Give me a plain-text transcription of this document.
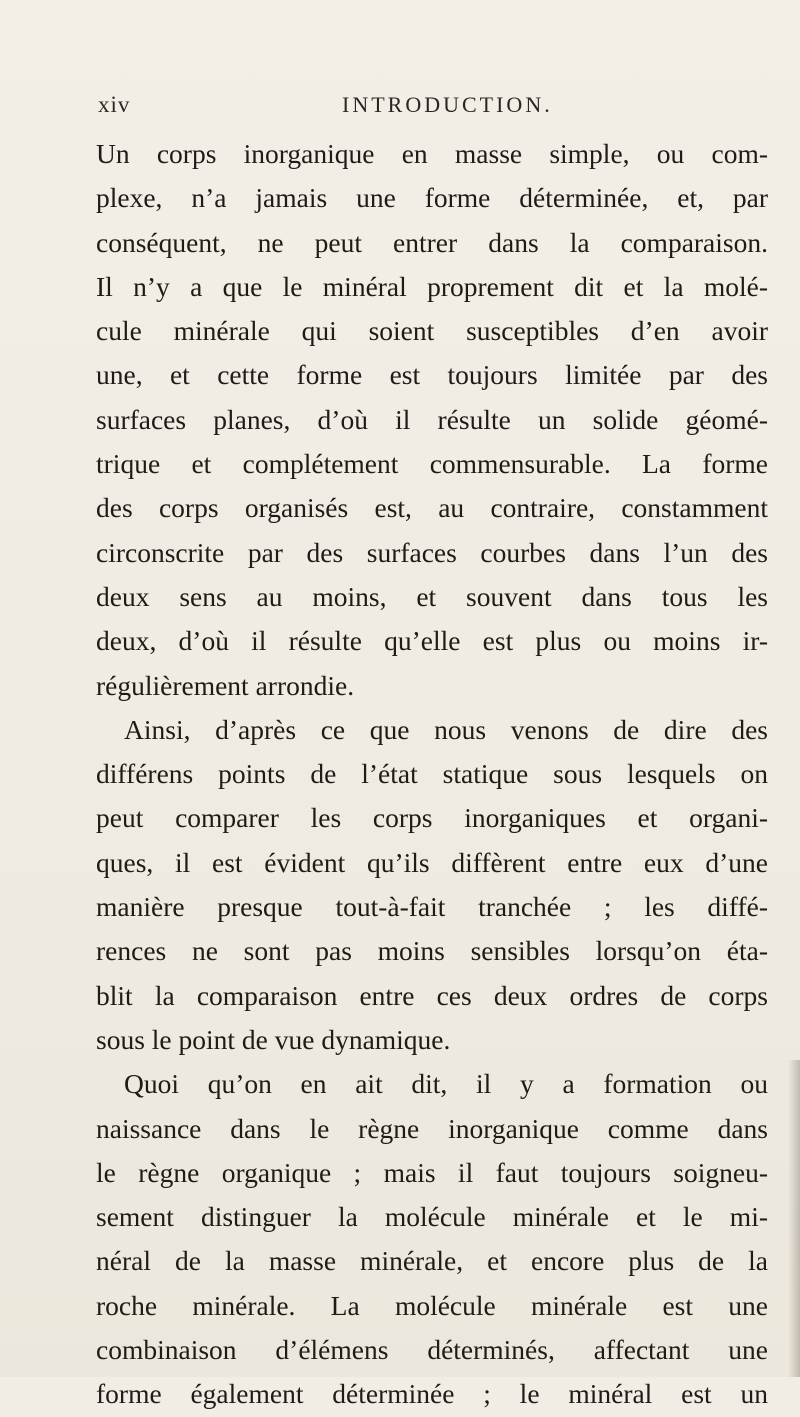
xiv	INTRODUCTION.
Un corps inorganique en masse simple, ou com-
plexe, n’a jamais une forme déterminée, et, par
conséquent, ne peut entrer dans la comparaison.
Il n’y a que le minéral proprement dit et la molé-
cule minérale qui soient susceptibles d’en avoir
une, et cette forme est toujours limitée par des
surfaces planes, d’où il résulte un solide géomé-
trique et complétement commensurable. La forme
des corps organisés est, au contraire, constamment
circonscrite par des surfaces courbes dans l’un des
deux sens au moins, et souvent dans tous les
deux, d’où il résulte qu’elle est plus ou moins ir-
régulièrement arrondie.
Ainsi, d’après ce que nous venons de dire des
différens points de l’état statique sous lesquels on
peut comparer les corps inorganiques et organi-
ques, il est évident qu’ils diffèrent entre eux d’une
manière presque tout-à-fait tranchée ; les diffé-
rences ne sont pas moins sensibles lorsqu’on éta-
blit la comparaison entre ces deux ordres de corps
sous le point de vue dynamique.
Quoi qu’on en ait dit, il y a formation ou
naissance dans le règne inorganique comme dans
le règne organique ; mais il faut toujours soigneu-
sement distinguer la molécule minérale et le mi-
néral de la masse minérale, et encore plus de la
roche minérale. La molécule minérale est une
combinaison d’élémens déterminés, affectant une
forme également déterminée ; le minéral est un
